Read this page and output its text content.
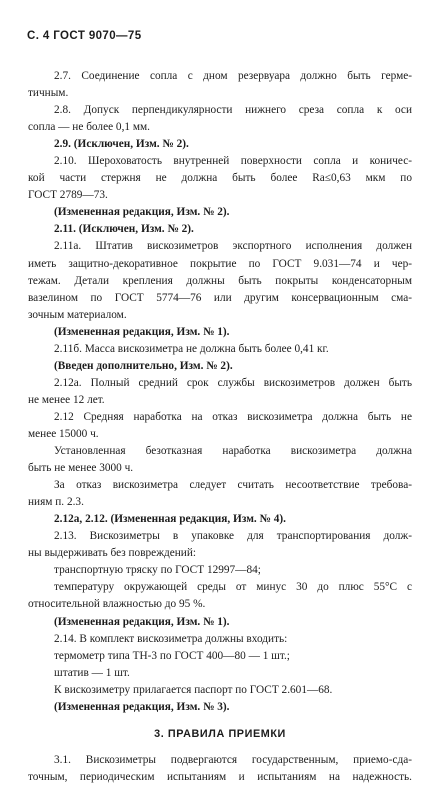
С. 4 ГОСТ 9070—75
2.7. Соединение сопла с дном резервуара должно быть герме-
тичным.
2.8. Допуск перпендикулярности нижнего среза сопла к оси
сопла — не более 0,1 мм.
2.9. (Исключен, Изм. № 2).
2.10. Шероховатость внутренней поверхности сопла и коничес-
кой части стержня не должна быть более Ra≤0,63 мкм по
ГОСТ 2789—73.
(Измененная редакция, Изм. № 2).
2.11. (Исключен, Изм. № 2).
2.11а. Штатив вискозиметров экспортного исполнения должен
иметь защитно-декоративное покрытие по ГОСТ 9.031—74 и чер-
тежам. Детали крепления должны быть покрыты конденсаторным
вазелином по ГОСТ 5774—76 или другим консервационным сма-
зочным материалом.
(Измененная редакция, Изм. № 1).
2.11б. Масса вискозиметра не должна быть более 0,41 кг.
(Введен дополнительно, Изм. № 2).
2.12а. Полный средний срок службы вискозиметров должен быть
не менее 12 лет.
2.12 Средняя наработка на отказ вискозиметра должна быть не
менее 15000 ч.
Установленная безотказная наработка вискозиметра должна
быть не менее 3000 ч.
За отказ вискозиметра следует считать несоответствие требова-
ниям п. 2.3.
2.12а, 2.12. (Измененная редакция, Изм. № 4).
2.13. Вискозиметры в упаковке для транспортирования долж-
ны выдерживать без повреждений:
транспортную тряску по ГОСТ 12997—84;
температуру окружающей среды от минус 30 до плюс 55°С с
относительной влажностью до 95 %.
(Измененная редакция, Изм. № 1).
2.14. В комплект вискозиметра должны входить:
термометр типа ТН-3 по ГОСТ 400—80 — 1 шт.;
штатив — 1 шт.
К вискозиметру прилагается паспорт по ГОСТ 2.601—68.
(Измененная редакция, Изм. № 3).
3. ПРАВИЛА ПРИЕМКИ
3.1. Вискозиметры подвергаются государственным, приемо-сда-
точным, периодическим испытаниям и испытаниям на надежность.
